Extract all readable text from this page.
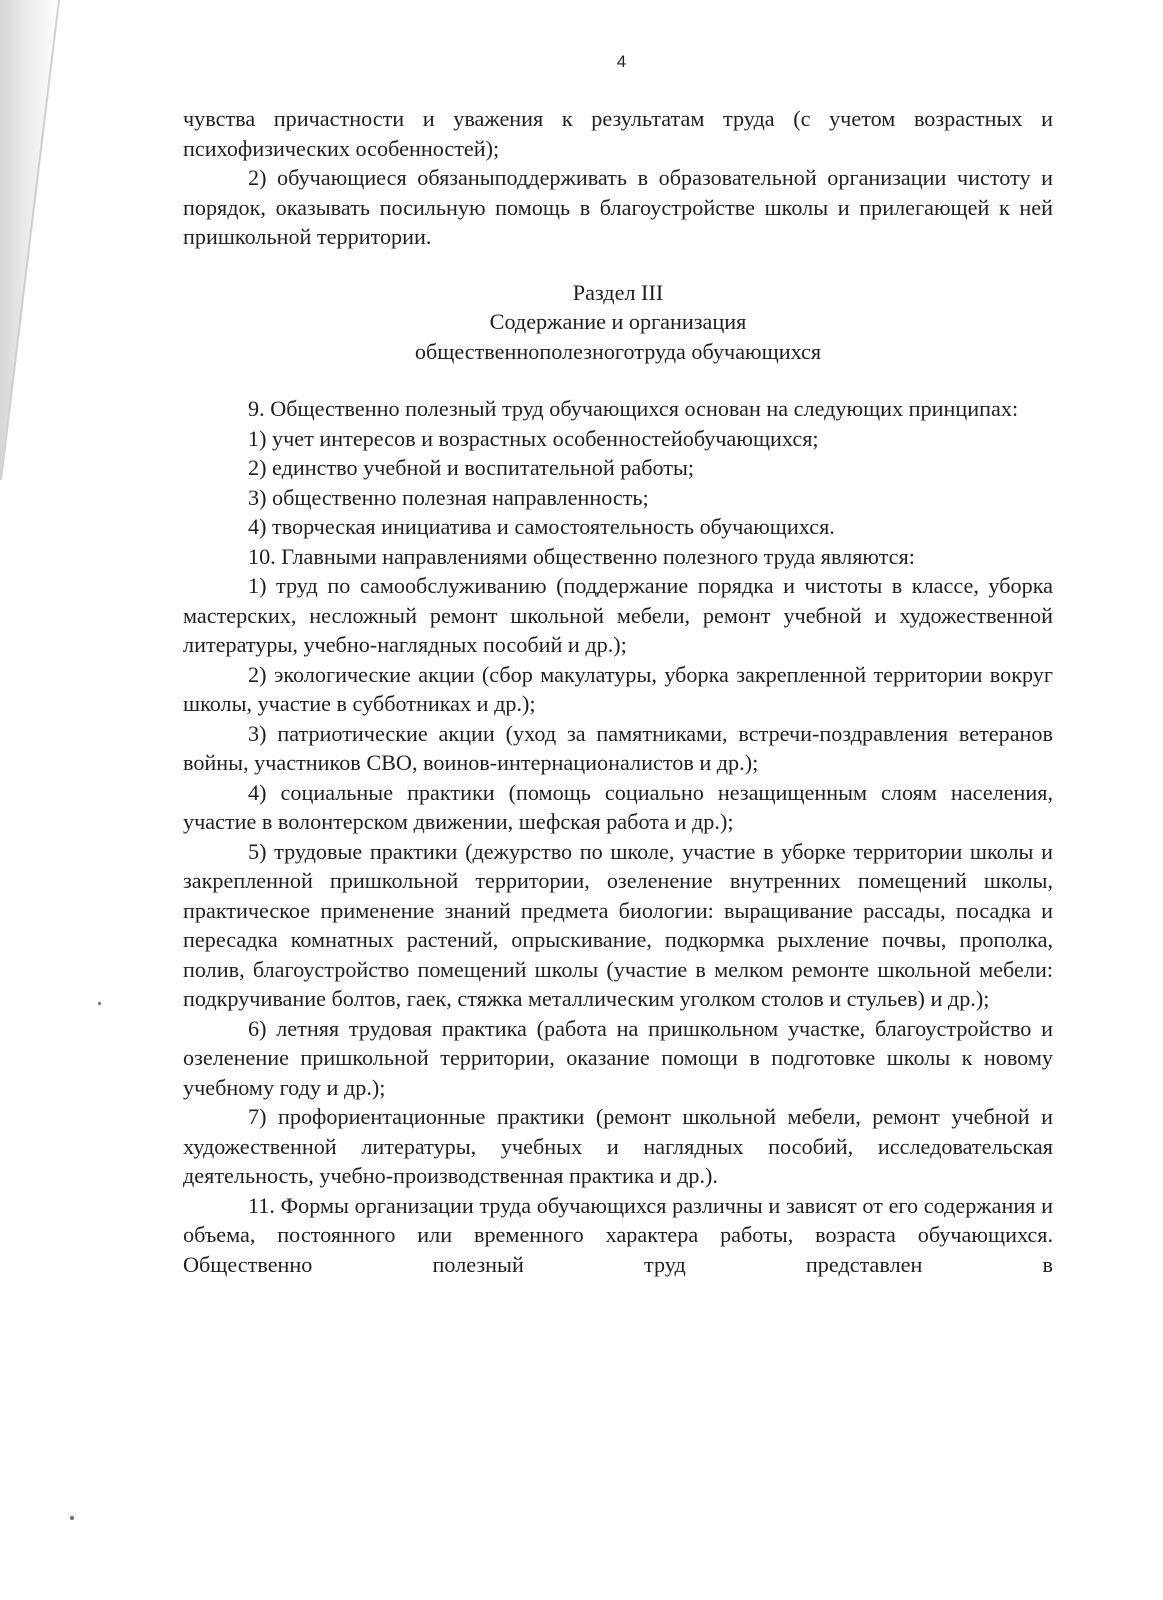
4

чувства причастности и уважения к результатам труда (с учетом возрастных и психофизических особенностей);

2) обучающиеся обязаныподдерживать в образовательной организации чистоту и порядок, оказывать посильную помощь в благоустройстве школы и прилегающей к ней пришкольной территории.

Раздел III

Содержание и организация

общественнополезноготруда обучающихся

9. Общественно полезный труд обучающихся основан на следующих принципах:

1) учет интересов и возрастных особенностейобучающихся;

2) единство учебной и воспитательной работы;

3) общественно полезная направленность;

4) творческая инициатива и самостоятельность обучающихся.

10. Главными направлениями общественно полезного труда являются:

1) труд по самообслуживанию (поддержание порядка и чистоты в классе, уборка мастерских, несложный ремонт школьной мебели, ремонт учебной и художественной литературы, учебно-наглядных пособий и др.);

2) экологические акции (сбор макулатуры, уборка закрепленной территории вокруг школы, участие в субботниках и др.);

3) патриотические акции (уход за памятниками, встречи-поздравления ветеранов войны, участников СВО, воинов-интернационалистов и др.);

4) социальные практики (помощь социально незащищенным слоям населения, участие в волонтерском движении, шефская работа и др.);

5) трудовые практики (дежурство по школе, участие в уборке территории школы и закрепленной пришкольной территории, озеленение внутренних помещений школы, практическое применение знаний предмета биологии: выращивание рассады, посадка и пересадка комнатных растений, опрыскивание, подкормка рыхление почвы, прополка, полив, благоустройство помещений школы (участие в мелком ремонте школьной мебели: подкручивание болтов, гаек, стяжка металлическим уголком столов и стульев) и др.);

6) летняя трудовая практика (работа на пришкольном участке, благоустройство и озеленение пришкольной территории, оказание помощи в подготовке школы к новому учебному году и др.);

7) профориентационные практики (ремонт школьной мебели, ремонт учебной и художественной литературы, учебных и наглядных пособий, исследовательская деятельность, учебно-производственная практика и др.).

11. Формы организации труда обучающихся различны и зависят от его содержания и объема, постоянного или временного характера работы, возраста обучающихся. Общественно полезный труд представлен в
